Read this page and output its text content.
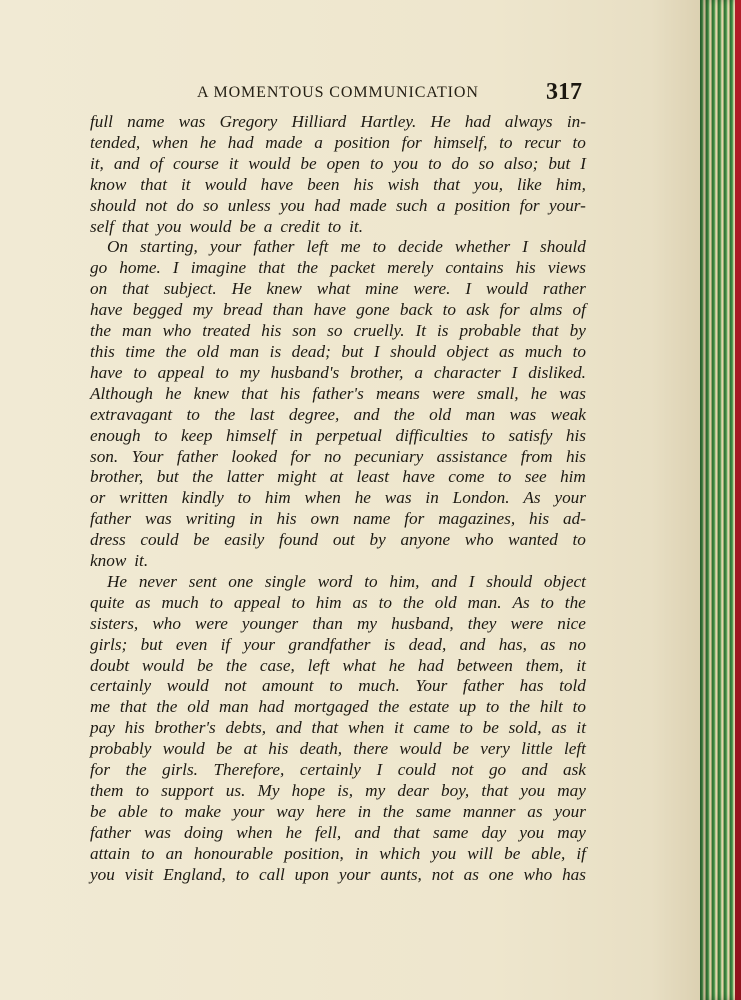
A MOMENTOUS COMMUNICATION	317
full name was Gregory Hilliard Hartley. He had always in-
tended, when he had made a position for himself, to recur to
it, and of course it would be open to you to do so also; but I
know that it would have been his wish that you, like him,
should not do so unless you had made such a position for your-
self that you would be a credit to it.
On starting, your father left me to decide whether I should
go home. I imagine that the packet merely contains his views
on that subject. He knew what mine were. I would rather
have begged my bread than have gone back to ask for alms of
the man who treated his son so cruelly. It is probable that by
this time the old man is dead; but I should object as much to
have to appeal to my husband's brother, a character I disliked.
Although he knew that his father's means were small, he was
extravagant to the last degree, and the old man was weak
enough to keep himself in perpetual difficulties to satisfy his
son. Your father looked for no pecuniary assistance from his
brother, but the latter might at least have come to see him
or written kindly to him when he was in London. As your
father was writing in his own name for magazines, his ad-
dress could be easily found out by anyone who wanted to
know it.
He never sent one single word to him, and I should object
quite as much to appeal to him as to the old man. As to the
sisters, who were younger than my husband, they were nice
girls; but even if your grandfather is dead, and has, as no
doubt would be the case, left what he had between them, it
certainly would not amount to much. Your father has told
me that the old man had mortgaged the estate up to the hilt to
pay his brother's debts, and that when it came to be sold, as it
probably would be at his death, there would be very little left
for the girls. Therefore, certainly I could not go and ask
them to support us. My hope is, my dear boy, that you may
be able to make your way here in the same manner as your
father was doing when he fell, and that same day you may
attain to an honourable position, in which you will be able, if
you visit England, to call upon your aunts, not as one who has
